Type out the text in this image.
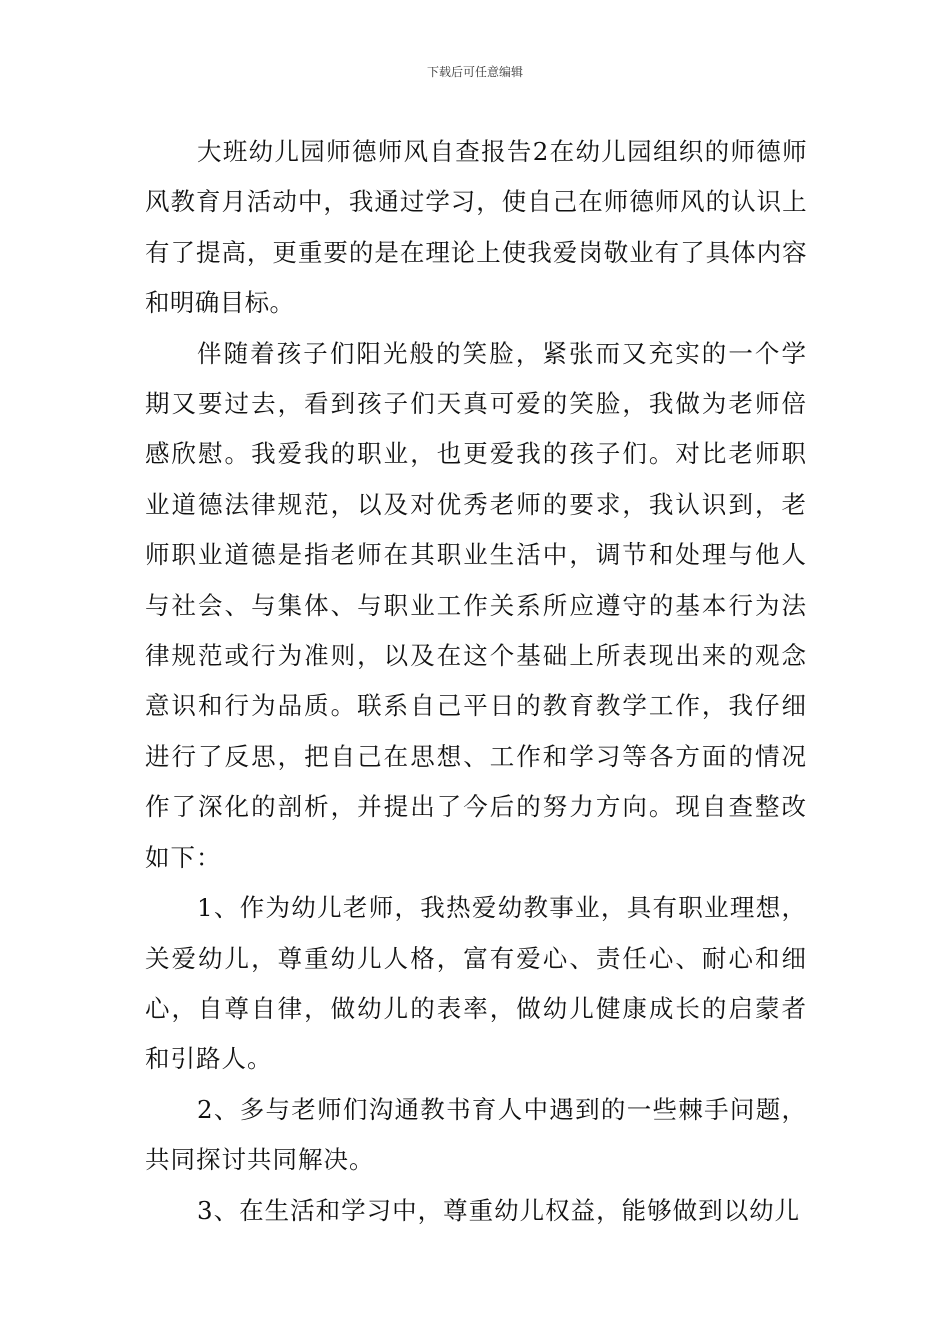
下载后可任意编辑

大班幼儿园师德师风自查报告2在幼儿园组织的师德师风教育月活动中，我通过学习，使自己在师德师风的认识上有了提高，更重要的是在理论上使我爱岗敬业有了具体内容和明确目标。

伴随着孩子们阳光般的笑脸，紧张而又充实的一个学期又要过去，看到孩子们天真可爱的笑脸，我做为老师倍感欣慰。我爱我的职业，也更爱我的孩子们。对比老师职业道德法律规范，以及对优秀老师的要求，我认识到，老师职业道德是指老师在其职业生活中，调节和处理与他人与社会、与集体、与职业工作关系所应遵守的基本行为法律规范或行为准则，以及在这个基础上所表现出来的观念意识和行为品质。联系自己平日的教育教学工作，我仔细进行了反思，把自己在思想、工作和学习等各方面的情况作了深化的剖析，并提出了今后的努力方向。现自查整改如下：

1、作为幼儿老师，我热爱幼教事业，具有职业理想，关爱幼儿，尊重幼儿人格，富有爱心、责任心、耐心和细心，自尊自律，做幼儿的表率，做幼儿健康成长的启蒙者和引路人。

2、多与老师们沟通教书育人中遇到的一些棘手问题，共同探讨共同解决。

3、在生活和学习中，尊重幼儿权益，能够做到以幼儿
